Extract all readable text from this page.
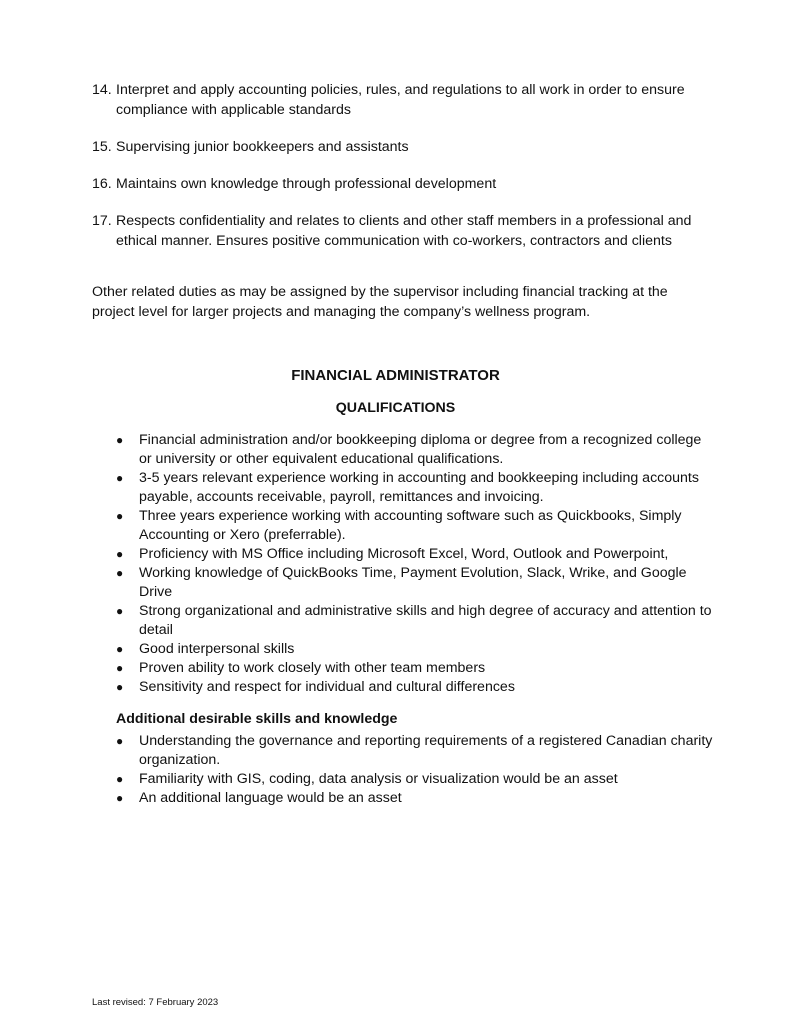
14. Interpret and apply accounting policies, rules, and regulations to all work in order to ensure compliance with applicable standards
15. Supervising junior bookkeepers and assistants
16. Maintains own knowledge through professional development
17. Respects confidentiality and relates to clients and other staff members in a professional and ethical manner. Ensures positive communication with co-workers, contractors and clients

Other related duties as may be assigned by the supervisor including financial tracking at the project level for larger projects and managing the company’s wellness program.

FINANCIAL ADMINISTRATOR
QUALIFICATIONS
● Financial administration and/or bookkeeping diploma or degree from a recognized college or university or other equivalent educational qualifications.
● 3-5 years relevant experience working in accounting and bookkeeping including accounts payable, accounts receivable, payroll, remittances and invoicing.
● Three years experience working with accounting software such as Quickbooks, Simply Accounting or Xero (preferrable).
● Proficiency with MS Office including Microsoft Excel, Word, Outlook and Powerpoint,
● Working knowledge of QuickBooks Time, Payment Evolution, Slack, Wrike, and Google Drive
● Strong organizational and administrative skills and high degree of accuracy and attention to detail
● Good interpersonal skills
● Proven ability to work closely with other team members
● Sensitivity and respect for individual and cultural differences

Additional desirable skills and knowledge

● Understanding the governance and reporting requirements of a registered Canadian charity organization.
● Familiarity with GIS, coding, data analysis or visualization would be an asset
● An additional language would be an asset

Last revised: 7 February 2023
